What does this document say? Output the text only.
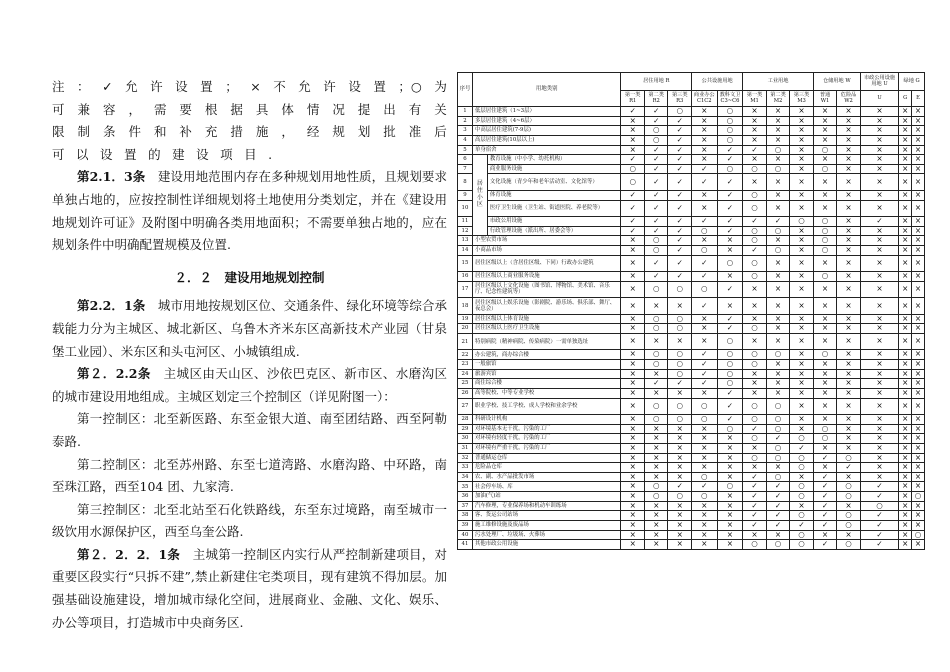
注 ： ✓ 允 许 设 置 ； × 不 允 许 设 置 ；○ 为
可 兼 容 ， 需 要 根 据 具 体 情 况 提 出 有 关
限 制 条 件 和 补 充 措 施 ， 经 规 划 批 准 后
可 以 设 置 的 建 设 项 目 .

第2.1．3条　建设用地范围内存在多种规划用地性质，且规划要求单独占地的，应按控制性详细规划将土地使用分类划定，并在《建设用地规划许可证》及附图中明确各类用地面积；不需要单独占地的，应在规划条件中明确配置规模及位置.

２．２　建设用地规划控制

第2.2．1条　城市用地按规划区位、交通条件、绿化环境等综合承载能力分为主城区、城北新区、乌鲁木齐米东区高新技术产业园（甘泉堡工业园）、米东区和头屯河区、小城镇组成.

第２．2.2条　主城区由天山区、沙依巴克区、新市区、水磨沟区的城市建设用地组成。主城区划定三个控制区（详见附图一）：

第一控制区：北至新医路、东至金银大道、南至团结路、西至阿勒泰路.

第二控制区：北至苏州路、东至七道湾路、水磨沟路、中环路，南至珠江路，西至104 团、九家湾.

第三控制区：北至北站至石化铁路线，东至东过境路，南至城市一级饮用水源保护区，西至乌奎公路.

第２．2．2．1条　主城第一控制区内实行从严控制新建项目，对重要区段实行“只拆不建”,禁止新建住宅类项目，现有建筑不得加层。加强基础设施建设，增加城市绿化空间，进展商业、金融、文化、娱乐、办公等项目，打造城市中央商务区.

序号	用地类别		居住用地 R			公共设施用地		工业用地			仓储用地 W		市政公用设施用地 U	绿地 G	
			第一类 R1	第二类 R2	第三类 R3	商业办公 C1C2	教科文卫 C3~C6	第一类 M1	第二类 M2	第三类 M3	普通 W1	危险品 W2	U	G	E
1	低层居住建筑（1~3层）		✓	✓	○	×	○	×	×	×	×	×	×	×	×
2	多层居住建筑（4~6层）		×	✓	✓	×	○	×	×	×	×	×	×	×	×
3	中高层居住建筑(7-9层)		×	○	✓	×	○	×	×	×	×	×	×	×	×
4	高层居住建筑(10层以上)		×	○	✓	×	○	×	×	×	×	×	×	×	×
5	单身宿舍		×	✓	✓	×	✓	✓	○	×	○	×	×	×	×
6	居住小区	教育设施（中小学、幼托机构）	✓	✓	✓	×	✓	×	×	×	×	×	×	×	×
7		商业服务设施	○	✓	✓	✓	○	○	○	×	○	×	×	×	×
8		文化设施（青少年和老年活动室、文化馆等）	○	✓	✓	✓	✓	×	×	×	×	×	×	×	×
9		体育设施	✓	✓	✓	×	✓	○	×	×	×	×	×	×	×
10		医疗卫生设施（卫生站、街道医院、养老院等）	✓	✓	✓	×	✓	○	×	×	×	×	×	×	×
11		市政公用设施	✓	✓	✓	✓	✓	✓	✓	○	○	×	✓	×	×
12		行政管理设施（派出所、居委会等）	✓	✓	✓	○	✓	○	○	×	○	×	×	×	×
13	小型农贸市场		×	○	✓	×	×	○	×	×	○	×	×	×	×
14	小商品市场		×	○	✓	○	×	✓	○	×	○	×	×	×	×
15	居住区级以上（含居住区级、下同）行政办公建筑		×	✓	✓	✓	○	○	×	×	×	×	×	×	×
16	居住区级以上商业服务设施		×	✓	✓	✓	×	○	×	×	○	×	×	×	×
17	居住区级以上文化设施（图书馆、博物馆、美术馆、音乐厅、纪念性建筑等）		×	○	○	○	✓	×	×	×	×	×	×	×	×
18	居住区级以上娱乐设施（影剧院、游乐场、俱乐部、舞厅、夜总会）		×	×	×	✓	×	×	×	×	×	×	×	×	×
19	居住区级以上体育设施		×	○	○	×	✓	×	×	×	×	×	×	×	×
20	居住区级以上医疗卫生设施		×	○	○	×	✓	○	×	×	×	×	×	×	×
21	特别病院（精神病院、传染病院）一需单独选址		×	×	×	×	○	×	×	×	×	×	×	×	×
22	办公建筑，商办综合楼		×	○	○	✓	○	○	○	×	○	×	×	×	×
23	一般旅馆		×	○	○	✓	○	○	×	×	×	×	×	×	×
24	旅游宾馆		×	×	○	✓	○	×	×	×	×	×	×	×	×
25	商住综合楼		×	✓	✓	✓	○	×	×	×	×	×	×	×	×
26	高等院校、中等专业学校		×	×	×	×	✓	×	×	×	×	×	×	×	×
27	职业学校、技工学校、成人学校和业余学校		×	○	○	○	✓	○	○	×	×	×	×	×	×
28	科研设计机构		×	○	○	○	✓	○	○	×	×	×	×	×	×
29	对环境基本无干扰，污染的工厂		×	×	×	×	○	✓	○	×	○	×	×	×	×
30	对环境有轻度干扰，污染的工厂		×	×	×	×	×	○	✓	○	○	×	×	×	×
31	对环境有严重干扰，污染的工厂		×	×	×	×	×	×	○	✓	×	×	×	×	×
32	普通储运仓库		×	×	×	×	×	○	○	○	✓	○	×	×	×
33	危险品仓库		×	×	×	×	×	×	×	○	×	✓	×	×	×
34	农、副、水产品批发市场		×	×	×	○	×	✓	○	×	✓	×	×	×	×
35	社会停车场、库		×	○	✓	✓	○	✓	✓	○	✓	○	✓	×	×
36	加油(气)站		×	○	○	○	×	✓	✓	○	✓	○	✓	×	○
37	汽车修理，专业保养场和机动车训练场		×	×	×	×	×	✓	✓	×	✓	×	○	×	×
38	客、货运公司站场		×	×	×	×	×	✓	✓	○	✓	○	✓	×	×
39	施工维修设施及废品场		×	×	×	×	×	✓	✓	✓	✓	○	✓	×	×
40	污水处理厂、垃圾场、火葬场		×	×	×	×	×	×	×	○	×	×	✓	×	○
41	其他市政公用设施		×	×	×	×	×	○	○	○	✓	○	✓	×	×
